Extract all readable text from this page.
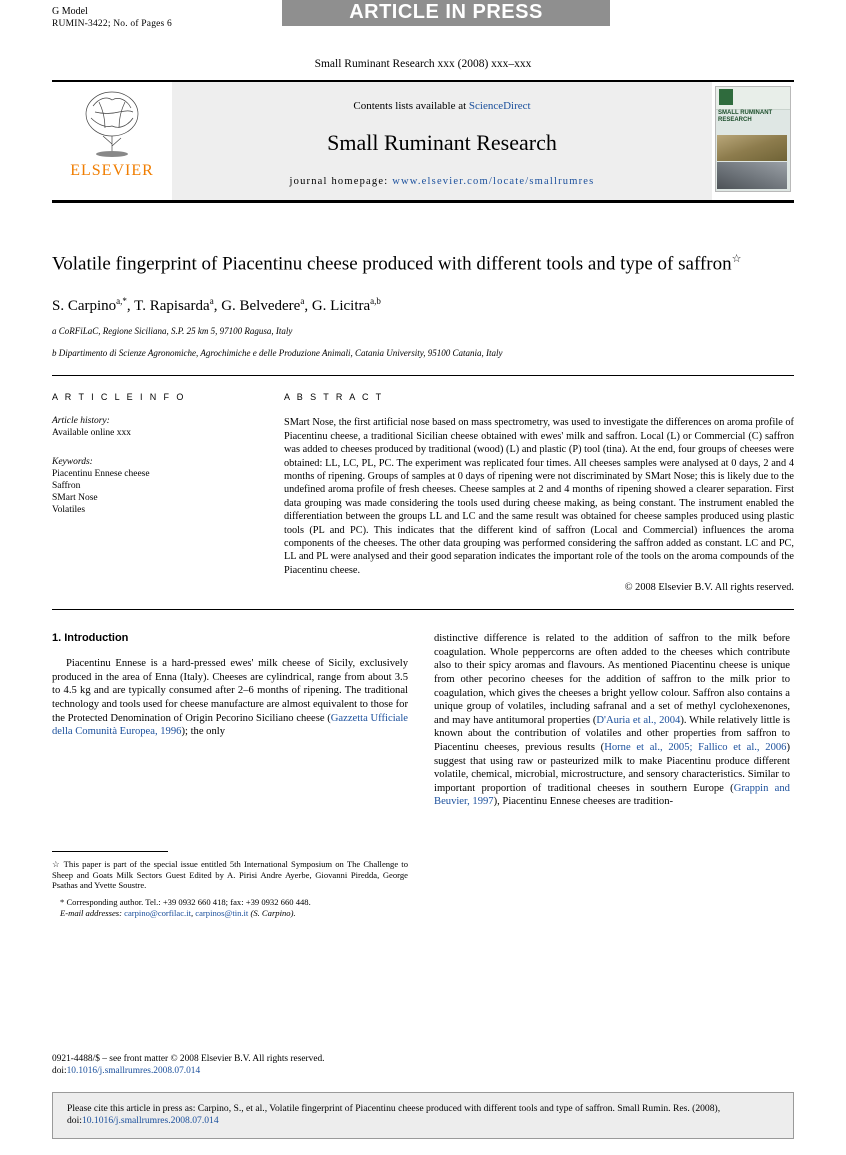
G Model
RUMIN-3422; No. of Pages 6
ARTICLE IN PRESS
Small Ruminant Research xxx (2008) xxx–xxx
ELSEVIER
Contents lists available at ScienceDirect
Small Ruminant Research
journal homepage: www.elsevier.com/locate/smallrumres
SMALL RUMINANT RESEARCH
Volatile fingerprint of Piacentinu cheese produced with different tools and type of saffron☆
S. Carpino$^{a,*}$, T. Rapisarda$^a$, G. Belvedere$^a$, G. Licitra$^{a,b}$
a CoRFiLaC, Regione Siciliana, S.P. 25 km 5, 97100 Ragusa, Italy
b Dipartimento di Scienze Agronomiche, Agrochimiche e delle Produzione Animali, Catania University, 95100 Catania, Italy
A R T I C L E I N F O
Article history:
Available online xxx
Keywords:
Piacentinu Ennese cheese
Saffron
SMart Nose
Volatiles
A B S T R A C T
SMart Nose, the first artificial nose based on mass spectrometry, was used to investigate the differences on aroma profile of Piacentinu cheese, a traditional Sicilian cheese obtained with ewes' milk and saffron. Local (L) or Commercial (C) saffron was added to cheeses produced by traditional (wood) (L) and plastic (P) tool (tina). At the end, four groups of cheeses were obtained: LL, LC, PL, PC. The experiment was replicated four times. All cheeses samples were analysed at 0 days, 2 and 4 months of ripening. Groups of samples at 0 days of ripening were not discriminated by SMart Nose; this is likely due to the undefined aroma profile of fresh cheeses. Cheese samples at 2 and 4 months of ripening showed a clearer separation. First data grouping was made considering the tools used during cheese making, as being constant. The instrument enabled the differentiation between the groups LL and LC and the same result was obtained for cheese samples produced using plastic tools (PL and PC). This indicates that the different kind of saffron (Local and Commercial) influences the aroma components of the cheeses. The other data grouping was performed considering the saffron added as constant. LC and PC, LL and PL were analysed and their good separation indicates the important role of the tools on the aroma compounds of the Piacentinu cheese.
© 2008 Elsevier B.V. All rights reserved.
1. Introduction
Piacentinu Ennese is a hard-pressed ewes' milk cheese of Sicily, exclusively produced in the area of Enna (Italy). Cheeses are cylindrical, range from about 3.5 to 4.5 kg and are typically consumed after 2–6 months of ripening. The traditional technology and tools used for cheese manufacture are almost equivalent to those for the Protected Denomination of Origin Pecorino Siciliano cheese (Gazzetta Ufficiale della Comunità Europea, 1996); the only
☆ This paper is part of the special issue entitled 5th International Symposium on The Challenge to Sheep and Goats Milk Sectors Guest Edited by A. Pirisi Andre Ayerbe, Giovanni Piredda, George Psathas and Yvette Soustre.
* Corresponding author. Tel.: +39 0932 660 418; fax: +39 0932 660 448.
E-mail addresses: carpino@corfilac.it, carpinos@tin.it (S. Carpino).
distinctive difference is related to the addition of saffron to the milk before coagulation. Whole peppercorns are often added to the cheeses which contribute also to their spicy aromas and flavours. As mentioned Piacentinu cheese is unique from other pecorino cheeses for the addition of saffron to the milk prior to coagulation, which gives the cheeses a bright yellow colour. Saffron also contains a unique group of volatiles, including safranal and a set of methyl cyclohexenones, and may have antitumoral properties (D'Auria et al., 2004). While relatively little is known about the contribution of volatiles and other properties from saffron to Piacentinu cheeses, previous results (Horne et al., 2005; Fallico et al., 2006) suggest that using raw or pasteurized milk to make Piacentinu produce different volatile, chemical, microbial, microstructure, and sensory characteristics. Similar to important proportion of traditional cheeses in southern Europe (Grappin and Beuvier, 1997), Piacentinu Ennese cheeses are tradition-
0921-4488/$ – see front matter © 2008 Elsevier B.V. All rights reserved.
doi:10.1016/j.smallrumres.2008.07.014
Please cite this article in press as: Carpino, S., et al., Volatile fingerprint of Piacentinu cheese produced with different tools and type of saffron. Small Rumin. Res. (2008), doi:10.1016/j.smallrumres.2008.07.014
